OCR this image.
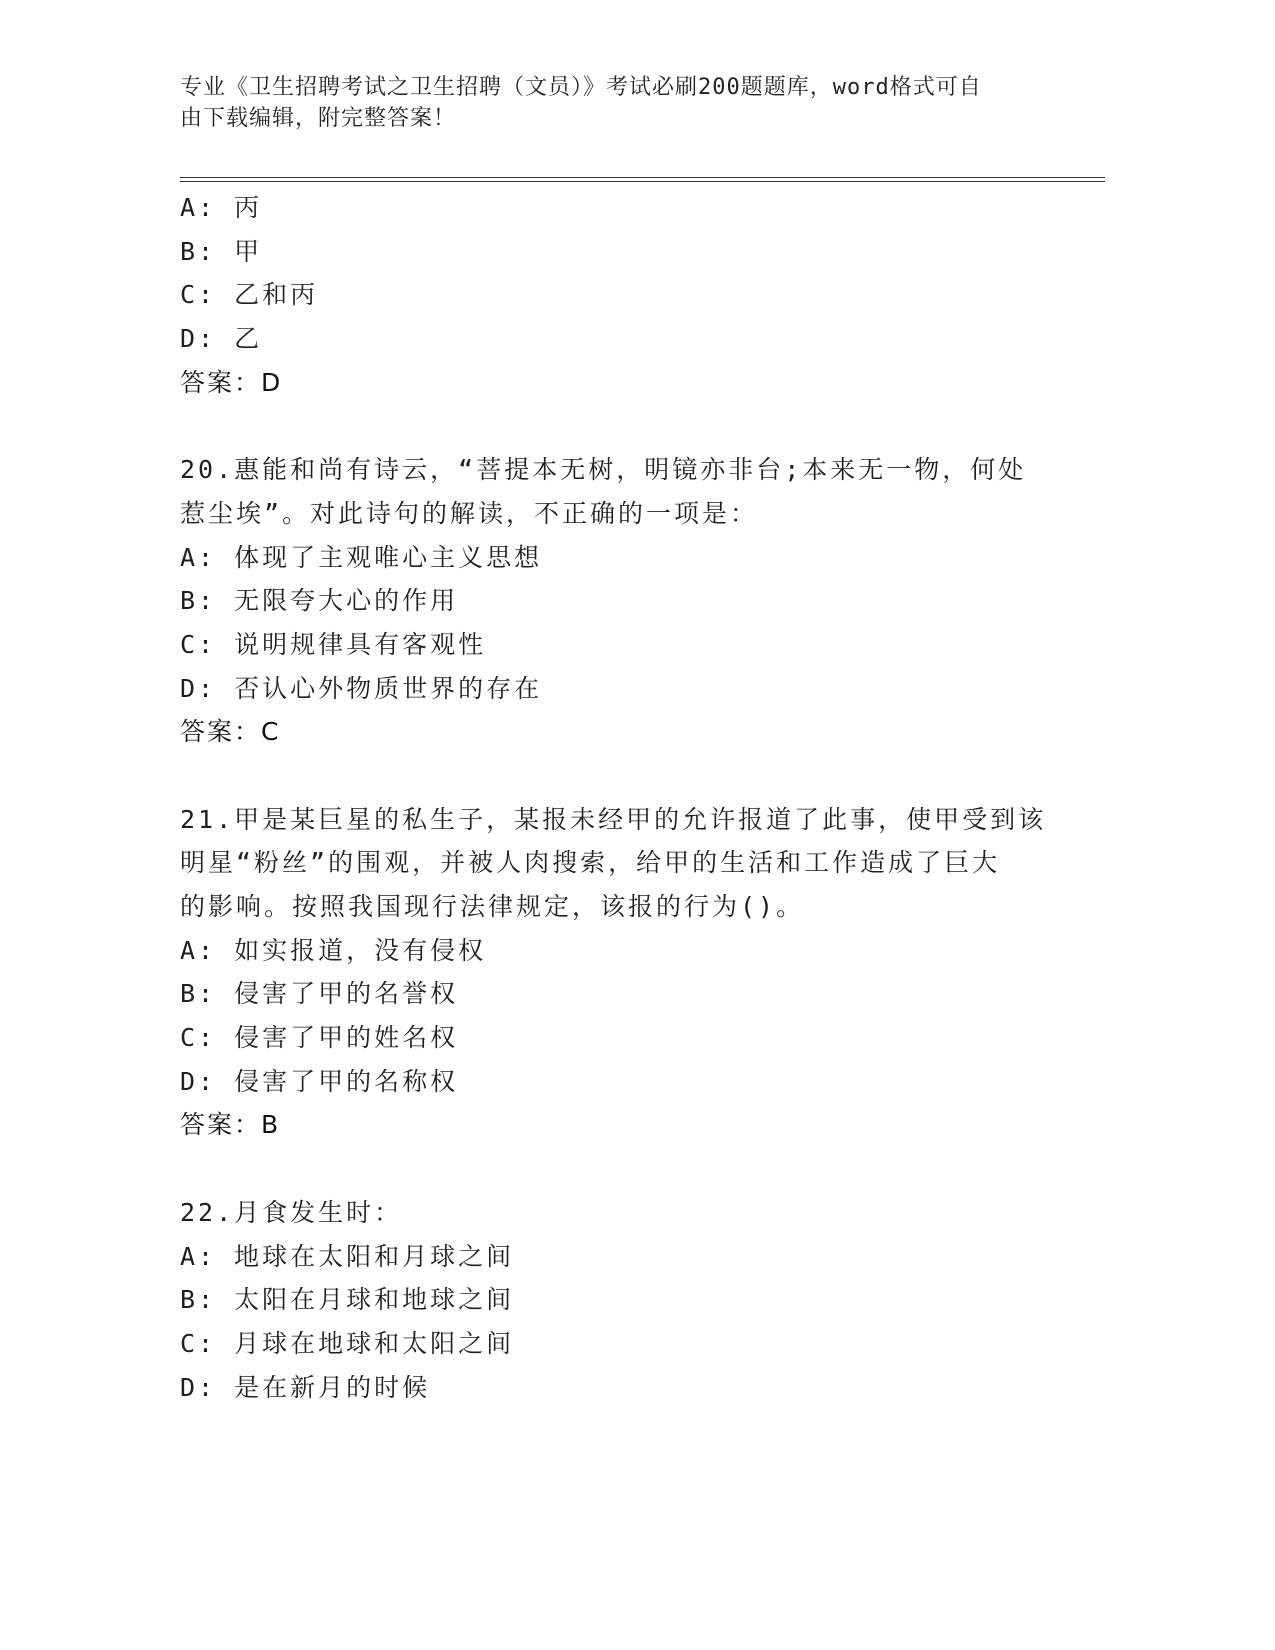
专业《卫生招聘考试之卫生招聘（文员）》考试必刷200题题库，word格式可自
由下载编辑，附完整答案！
A: 丙
B: 甲
C: 乙和丙
D: 乙
答案：D
20.惠能和尚有诗云，“菩提本无树，明镜亦非台;本来无一物，何处
惹尘埃”。对此诗句的解读，不正确的一项是：
A: 体现了主观唯心主义思想
B: 无限夸大心的作用
C: 说明规律具有客观性
D: 否认心外物质世界的存在
答案：C
21.甲是某巨星的私生子，某报未经甲的允许报道了此事，使甲受到该
明星“粉丝”的围观，并被人肉搜索，给甲的生活和工作造成了巨大
的影响。按照我国现行法律规定，该报的行为()。
A: 如实报道，没有侵权
B: 侵害了甲的名誉权
C: 侵害了甲的姓名权
D: 侵害了甲的名称权
答案：B
22.月食发生时：
A: 地球在太阳和月球之间
B: 太阳在月球和地球之间
C: 月球在地球和太阳之间
D: 是在新月的时候
